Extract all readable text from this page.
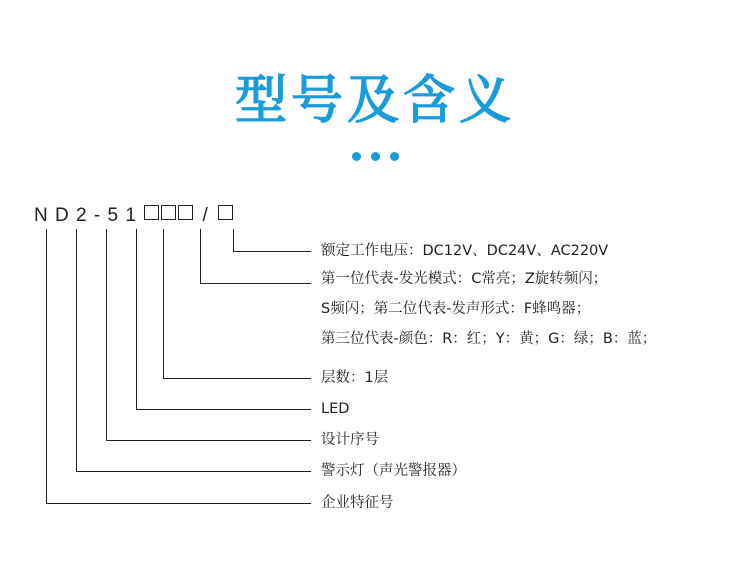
型号及含义
N D 2 - 5 1	/
额定工作电压：DC12V、DC24V、AC220V
第一位代表-发光模式：C常亮；Z旋转频闪；
S频闪；第二位代表-发声形式：F蜂鸣器；
第三位代表-颜色：R：红；Y：黄；G：绿；B：蓝；
层数：1层
LED
设计序号
警示灯（声光警报器）
企业特征号
